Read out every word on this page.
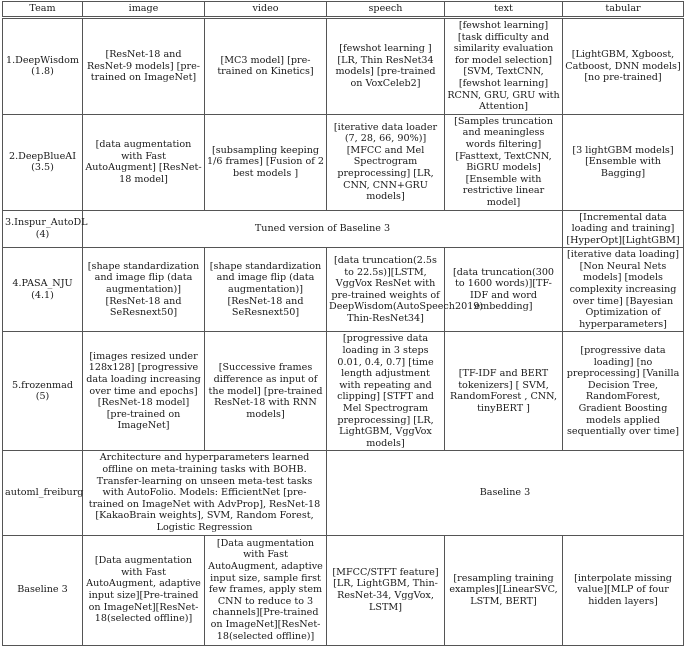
Team	image	video	speech	text	tabular
1.DeepWisdom (1.8)	[ResNet-18 and ResNet-9 models] [pre-trained on ImageNet]	[MC3 model] [pre-trained on Kinetics]	[fewshot learning ] [LR, Thin ResNet34 models] [pre-trained on VoxCeleb2]	[fewshot learning] [task difficulty and similarity evaluation for model selection] [SVM, TextCNN,[fewshot learning] RCNN, GRU, GRU with Attention]	[LightGBM, Xgboost, Catboost, DNN models] [no pre-trained]
2.DeepBlueAI (3.5)	[data augmentation with Fast AutoAugment] [ResNet-18 model]	[subsampling keeping 1/6 frames] [Fusion of 2 best models ]	[iterative data loader (7, 28, 66, 90%)] [MFCC and Mel Spectrogram preprocessing] [LR, CNN, CNN+GRU models]	[Samples truncation and meaningless words filtering] [Fasttext, TextCNN, BiGRU models] [Ensemble with restrictive linear model]	[3 lightGBM models] [Ensemble with Bagging]
3.Inspur_AutoDL (4)	Tuned version of Baseline 3				[Incremental data loading and training][HyperOpt][LightGBM]
4.PASA_NJU (4.1)	[shape standardization and image flip (data augmentation)][ResNet-18 and SeResnext50]	[shape standardization and image flip (data augmentation)][ResNet-18 and SeResnext50]	[data truncation(2.5s to 22.5s)][LSTM, VggVox ResNet with pre-trained weights of DeepWisdom(AutoSpeech2019) Thin-ResNet34]	[data truncation(300 to 1600 words)][TF-IDF and word embedding]	[iterative data loading] [Non Neural Nets models] [models complexity increasing over time] [Bayesian Optimization of hyperparameters]
5.frozenmad (5)	[images resized under 128x128] [progressive data loading increasing over time and epochs] [ResNet-18 model] [pre-trained on ImageNet]	[Successive frames difference as input of the model] [pre-trained ResNet-18 with RNN models]	[progressive data loading in 3 steps 0.01, 0.4, 0.7] [time length adjustment with repeating and clipping] [STFT and Mel Spectrogram preprocessing] [LR, LightGBM, VggVox models]	[TF-IDF and BERT tokenizers] [ SVM, RandomForest , CNN, tinyBERT ]	[progressive data loading] [no preprocessing] [Vanilla Decision Tree, RandomForest, Gradient Boosting models applied sequentially over time]
automl_freiburg	Architecture and hyperparameters learned offline on meta-training tasks with BOHB. Transfer-learning on unseen meta-test tasks with AutoFolio. Models: EfficientNet [pre-trained on ImageNet with AdvProp], ResNet-18 [KakaoBrain weights], SVM, Random Forest, Logistic Regression		Baseline 3		
Baseline 3	[Data augmentation with Fast AutoAugment, adaptive input size][Pre-trained on ImageNet][ResNet-18(selected offline)]	[Data augmentation with Fast AutoAugment, adaptive input size, sample first few frames, apply stem CNN to reduce to 3 channels][Pre-trained on ImageNet][ResNet-18(selected offline)]	[MFCC/STFT feature][LR, LightGBM, Thin-ResNet-34, VggVox, LSTM]	[resampling training examples][LinearSVC, LSTM, BERT]	[interpolate missing value][MLP of four hidden layers]
